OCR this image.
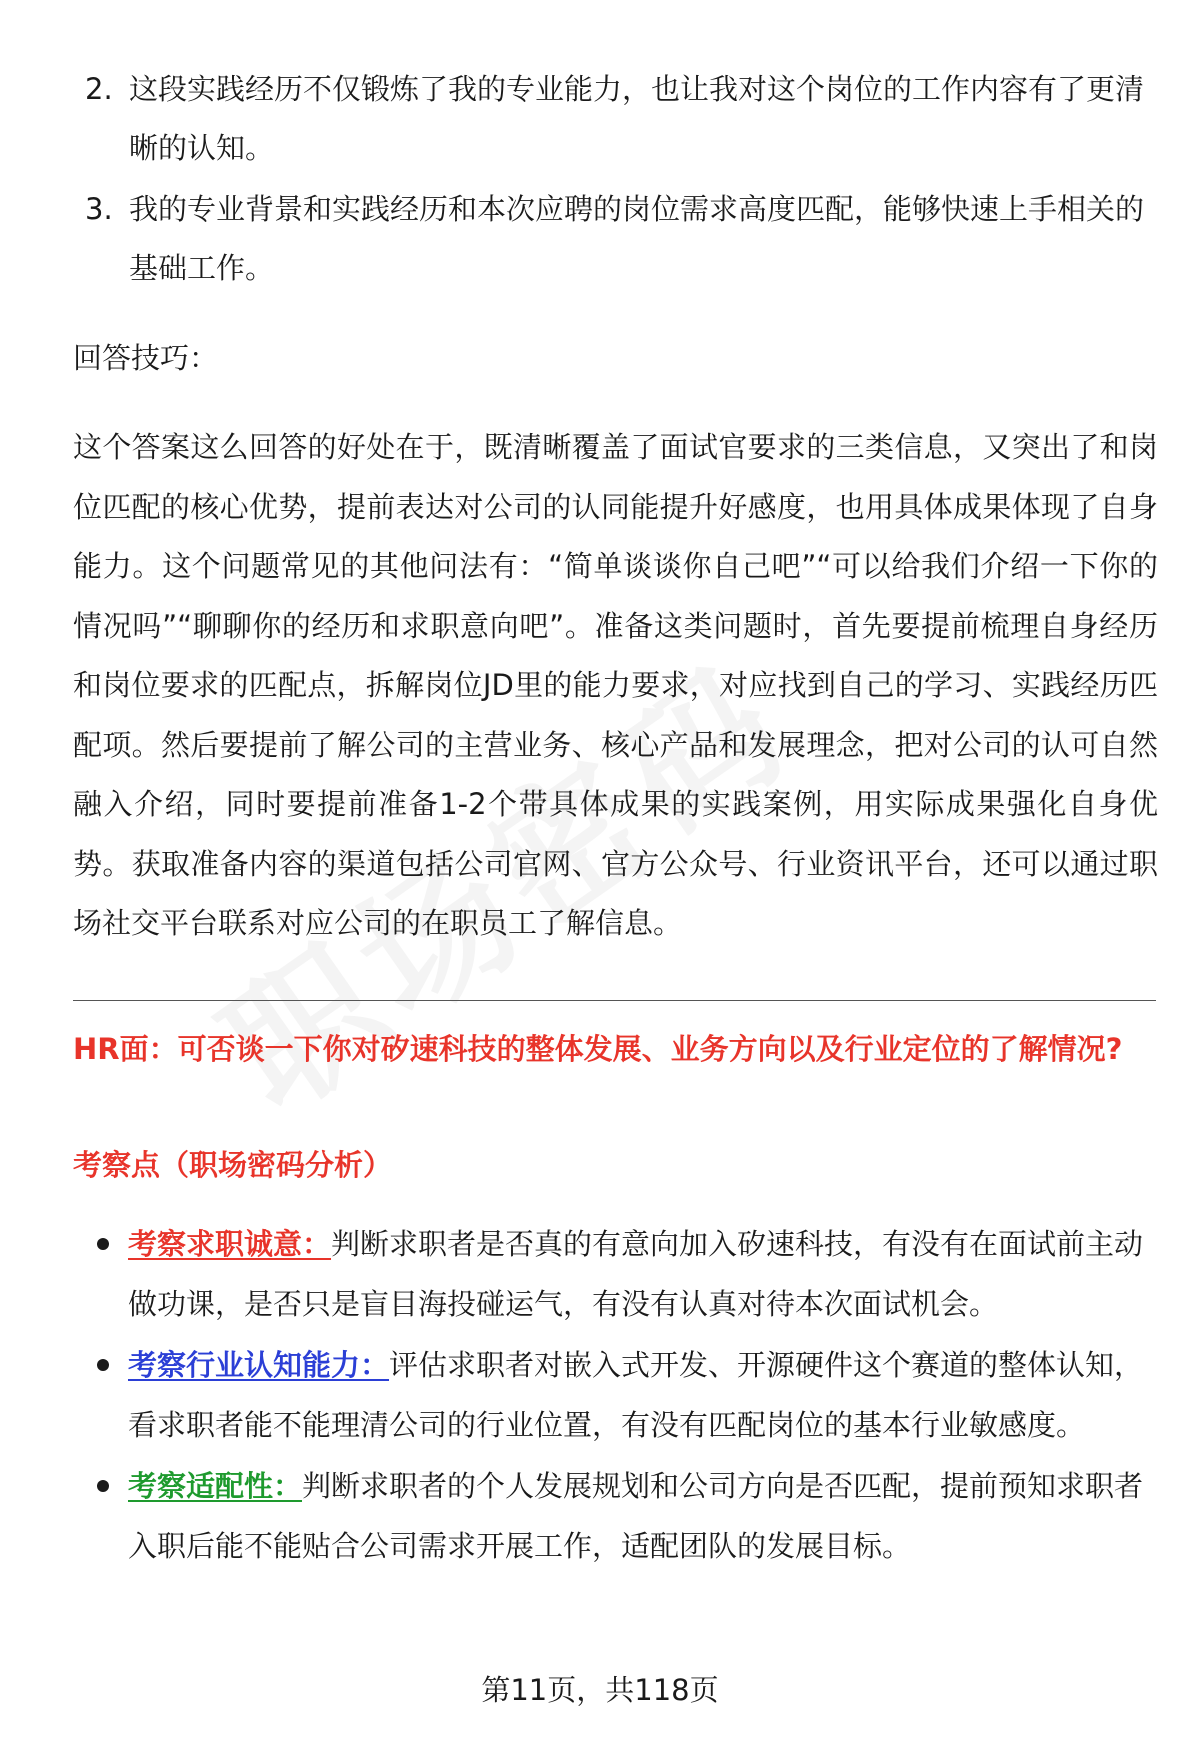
2. 这段实践经历不仅锻炼了我的专业能力，也让我对这个岗位的工作内容有了更清晰的认知。
3. 我的专业背景和实践经历和本次应聘的岗位需求高度匹配，能够快速上手相关的基础工作。
回答技巧：

这个答案这么回答的好处在于，既清晰覆盖了面试官要求的三类信息，又突出了和岗位匹配的核心优势，提前表达对公司的认同能提升好感度，也用具体成果体现了自身能力。这个问题常见的其他问法有：“简单谈谈你自己吧”“可以给我们介绍一下你的情况吗”“聊聊你的经历和求职意向吧”。准备这类问题时，首先要提前梳理自身经历和岗位要求的匹配点，拆解岗位JD里的能力要求，对应找到自己的学习、实践经历匹配项。然后要提前了解公司的主营业务、核心产品和发展理念，把对公司的认可自然融入介绍，同时要提前准备1-2个带具体成果的实践案例，用实际成果强化自身优势。获取准备内容的渠道包括公司官网、官方公众号、行业资讯平台，还可以通过职场社交平台联系对应公司的在职员工了解信息。

HR面：可否谈一下你对矽速科技的整体发展、业务方向以及行业定位的了解情况?
考察点（职场密码分析）
考察求职诚意：判断求职者是否真的有意向加入矽速科技，有没有在面试前主动做功课，是否只是盲目海投碰运气，有没有认真对待本次面试机会。
考察行业认知能力：评估求职者对嵌入式开发、开源硬件这个赛道的整体认知，看求职者能不能理清公司的行业位置，有没有匹配岗位的基本行业敏感度。
考察适配性：判断求职者的个人发展规划和公司方向是否匹配，提前预知求职者入职后能不能贴合公司需求开展工作，适配团队的发展目标。
第11页，共118页
